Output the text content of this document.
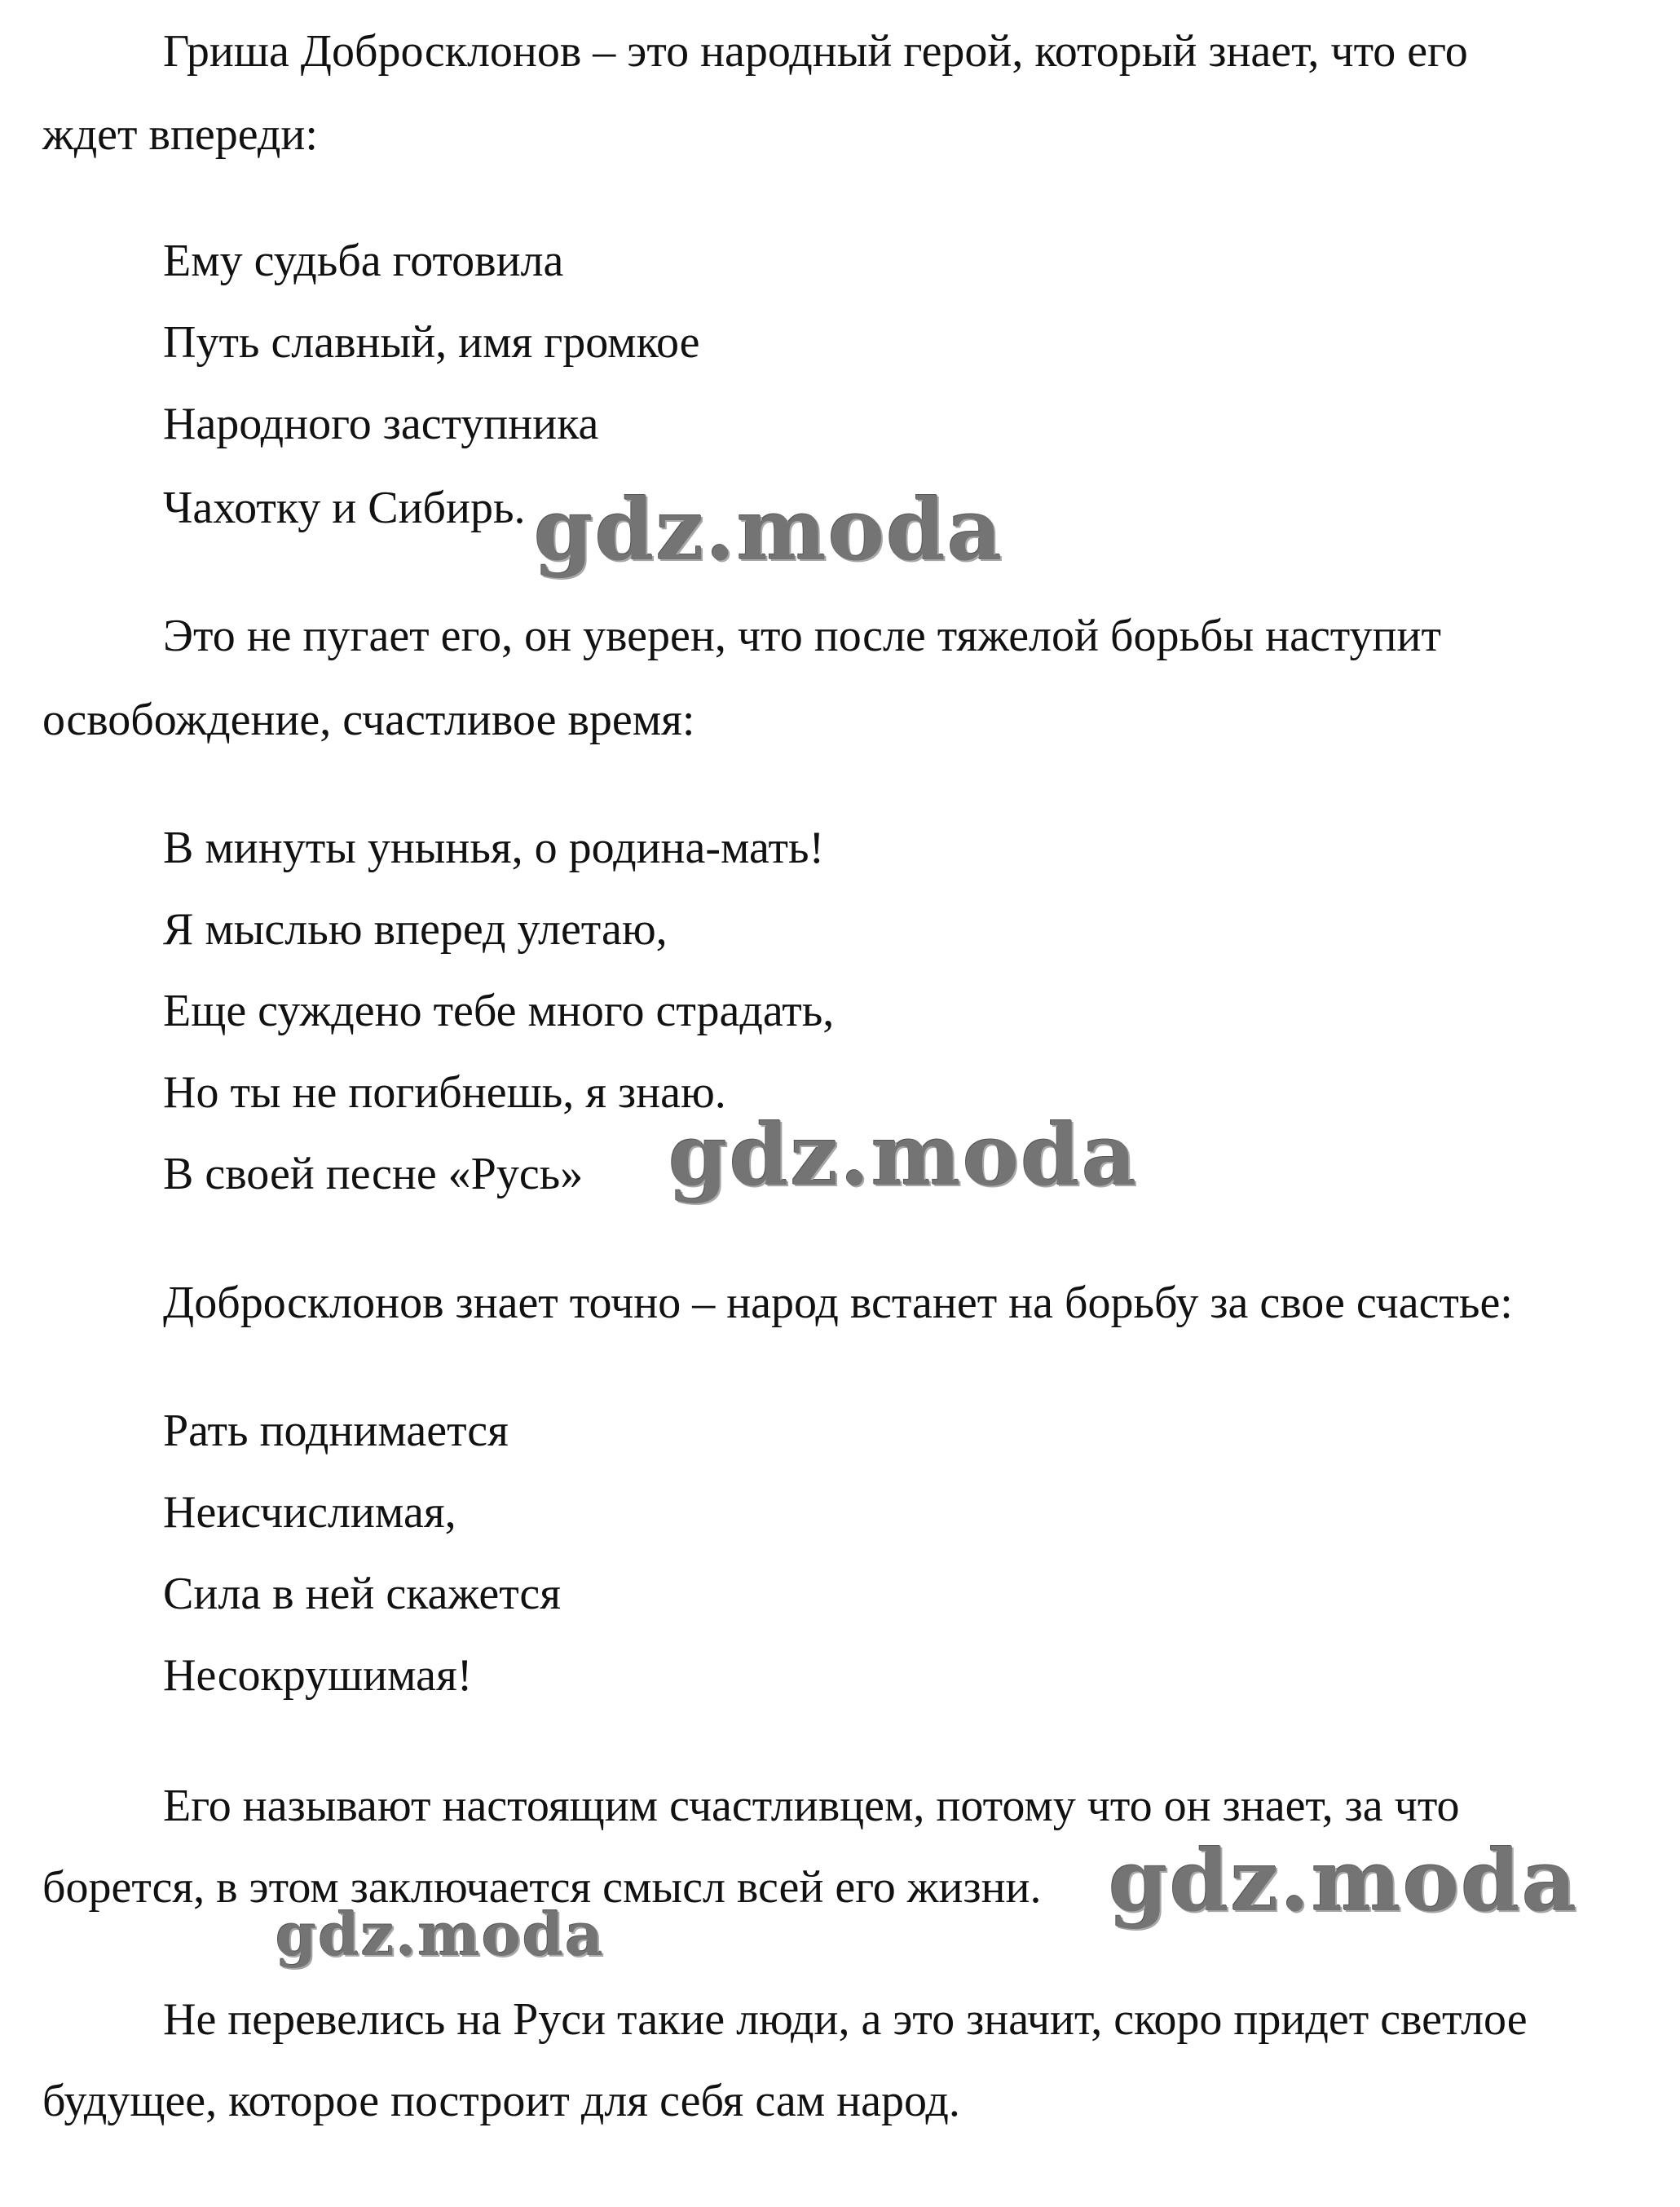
Гриша Добросклонов – это народный герой, который знает, что его

ждет впереди:

Ему судьба готовила

Путь славный, имя громкое

Народного заступника

Чахотку и Сибирь.

Это не пугает его, он уверен, что после тяжелой борьбы наступит

освобождение, счастливое время:

В минуты унынья, о родина-мать!

Я мыслью вперед улетаю,

Еще суждено тебе много страдать,

Но ты не погибнешь, я знаю.

В своей песне «Русь»

Добросклонов знает точно – народ встанет на борьбу за свое счастье:

Рать поднимается

Неисчислимая,

Сила в ней скажется

Несокрушимая!

Его называют настоящим счастливцем, потому что он знает, за что

борется, в этом заключается смысл всей его жизни.

Не перевелись на Руси такие люди, а это значит, скоро придет светлое

будущее, которое построит для себя сам народ.

gdz.moda
gdz.moda
gdz.moda
gdz.moda
